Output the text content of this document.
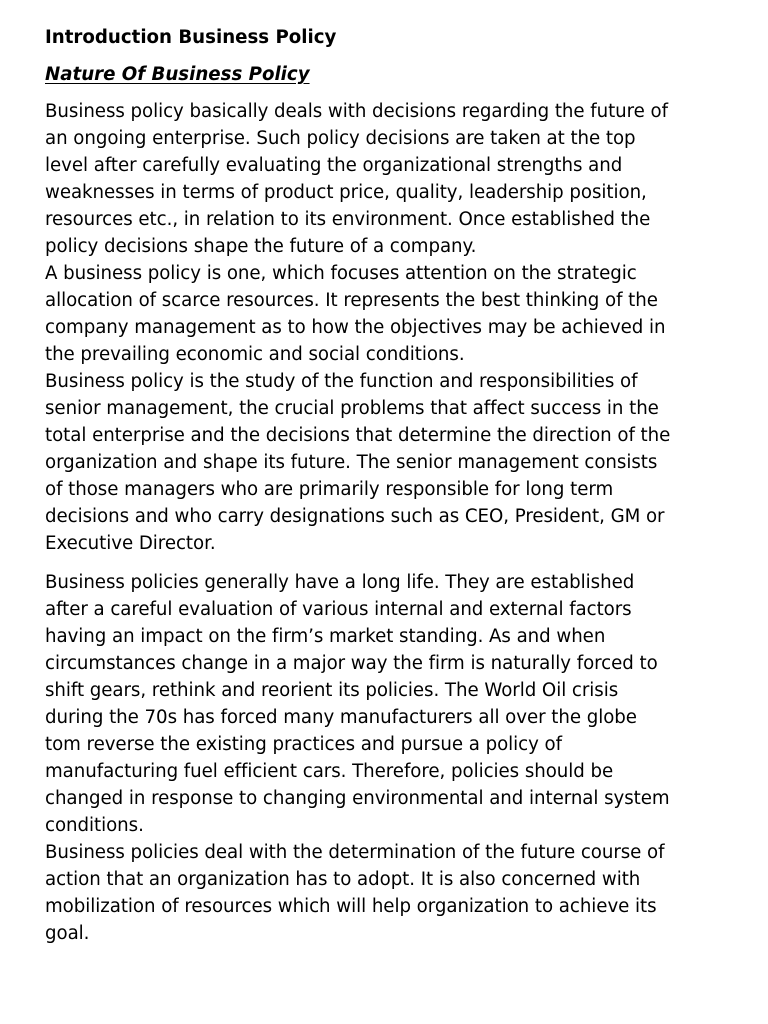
Introduction Business Policy
Nature Of Business Policy

Business policy basically deals with decisions regarding the future of
an ongoing enterprise. Such policy decisions are taken at the top
level after carefully evaluating the organizational strengths and
weaknesses in terms of product price, quality, leadership position,
resources etc., in relation to its environment. Once established the
policy decisions shape the future of a company.

A business policy is one, which focuses attention on the strategic
allocation of scarce resources. It represents the best thinking of the
company management as to how the objectives may be achieved in
the prevailing economic and social conditions.

Business policy is the study of the function and responsibilities of
senior management, the crucial problems that affect success in the
total enterprise and the decisions that determine the direction of the
organization and shape its future. The senior management consists
of those managers who are primarily responsible for long term
decisions and who carry designations such as CEO, President, GM or
Executive Director.

Business policies generally have a long life. They are established
after a careful evaluation of various internal and external factors
having an impact on the firm’s market standing. As and when
circumstances change in a major way the firm is naturally forced to
shift gears, rethink and reorient its policies. The World Oil crisis
during the 70s has forced many manufacturers all over the globe
tom reverse the existing practices and pursue a policy of
manufacturing fuel efficient cars. Therefore, policies should be
changed in response to changing environmental and internal system
conditions.

Business policies deal with the determination of the future course of
action that an organization has to adopt. It is also concerned with
mobilization of resources which will help organization to achieve its
goal.
